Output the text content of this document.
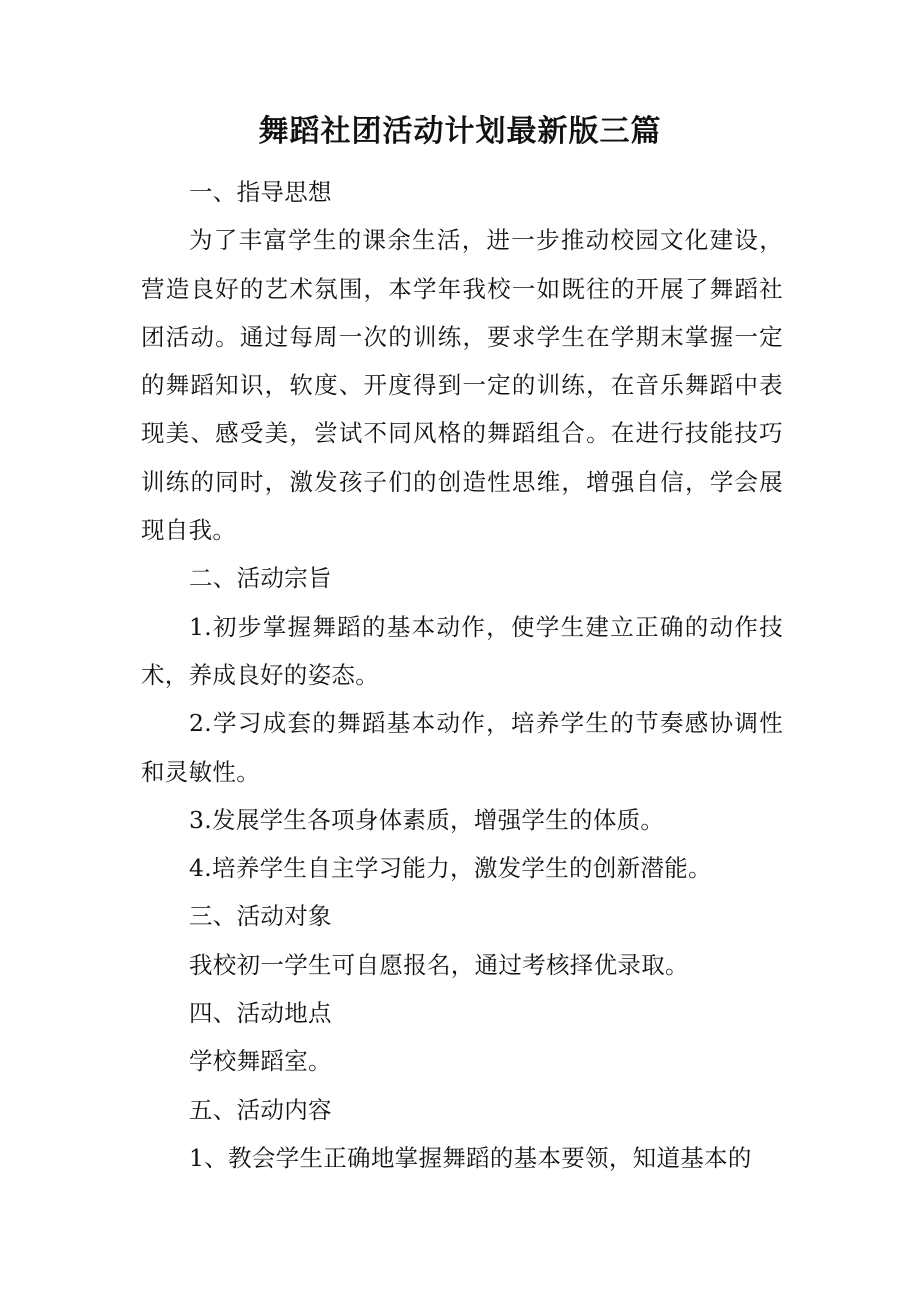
舞蹈社团活动计划最新版三篇

一、指导思想

为了丰富学生的课余生活，进一步推动校园文化建设，营造良好的艺术氛围，本学年我校一如既往的开展了舞蹈社团活动。通过每周一次的训练，要求学生在学期末掌握一定的舞蹈知识，软度、开度得到一定的训练，在音乐舞蹈中表现美、感受美，尝试不同风格的舞蹈组合。在进行技能技巧训练的同时，激发孩子们的创造性思维，增强自信，学会展现自我。

二、活动宗旨

1.初步掌握舞蹈的基本动作，使学生建立正确的动作技术，养成良好的姿态。

2.学习成套的舞蹈基本动作，培养学生的节奏感协调性和灵敏性。

3.发展学生各项身体素质，增强学生的体质。

4.培养学生自主学习能力，激发学生的创新潜能。

三、活动对象

我校初一学生可自愿报名，通过考核择优录取。

四、活动地点

学校舞蹈室。

五、活动内容

1、教会学生正确地掌握舞蹈的基本要领，知道基本的
